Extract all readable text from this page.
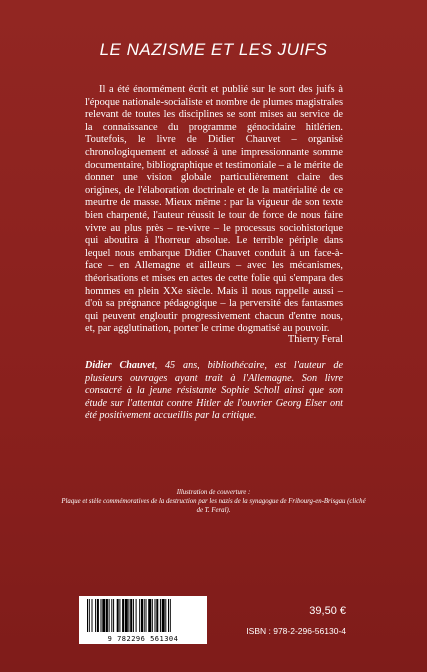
LE NAZISME ET LES JUIFS

Il a été énormément écrit et publié sur le sort des juifs à l'époque nationale-socialiste et nombre de plumes magistrales relevant de toutes les disciplines se sont mises au service de la connaissance du programme génocidaire hitlérien. Toutefois, le livre de Didier Chauvet – organisé chronologiquement et adossé à une impressionnante somme documentaire, bibliographique et testimoniale – a le mérite de donner une vision globale particulièrement claire des origines, de l'élaboration doctrinale et de la matérialité de ce meurtre de masse. Mieux même : par la vigueur de son texte bien charpenté, l'auteur réussit le tour de force de nous faire vivre au plus près – re-vivre – le processus sociohistorique qui aboutira à l'horreur absolue. Le terrible périple dans lequel nous embarque Didier Chauvet conduit à un face-à-face – en Allemagne et ailleurs – avec les mécanismes, théorisations et mises en actes de cette folie qui s'empara des hommes en plein XXe siècle. Mais il nous rappelle aussi – d'où sa prégnance pédagogique – la perversité des fantasmes qui peuvent engloutir progressivement chacun d'entre nous, et, par agglutination, porter le crime dogmatisé au pouvoir.

Thierry Feral

Didier Chauvet, 45 ans, bibliothécaire, est l'auteur de plusieurs ouvrages ayant trait à l'Allemagne. Son livre consacré à la jeune résistante Sophie Scholl ainsi que son étude sur l'attentat contre Hitler de l'ouvrier Georg Elser ont été positivement accueillis par la critique.

Illustration de couverture :
Plaque et stèle commémoratives de la destruction par les nazis de la synagogue de Fribourg-en-Brisgau (cliché de T. Feral).
9 782296 561304
39,50 €
ISBN : 978-2-296-56130-4
